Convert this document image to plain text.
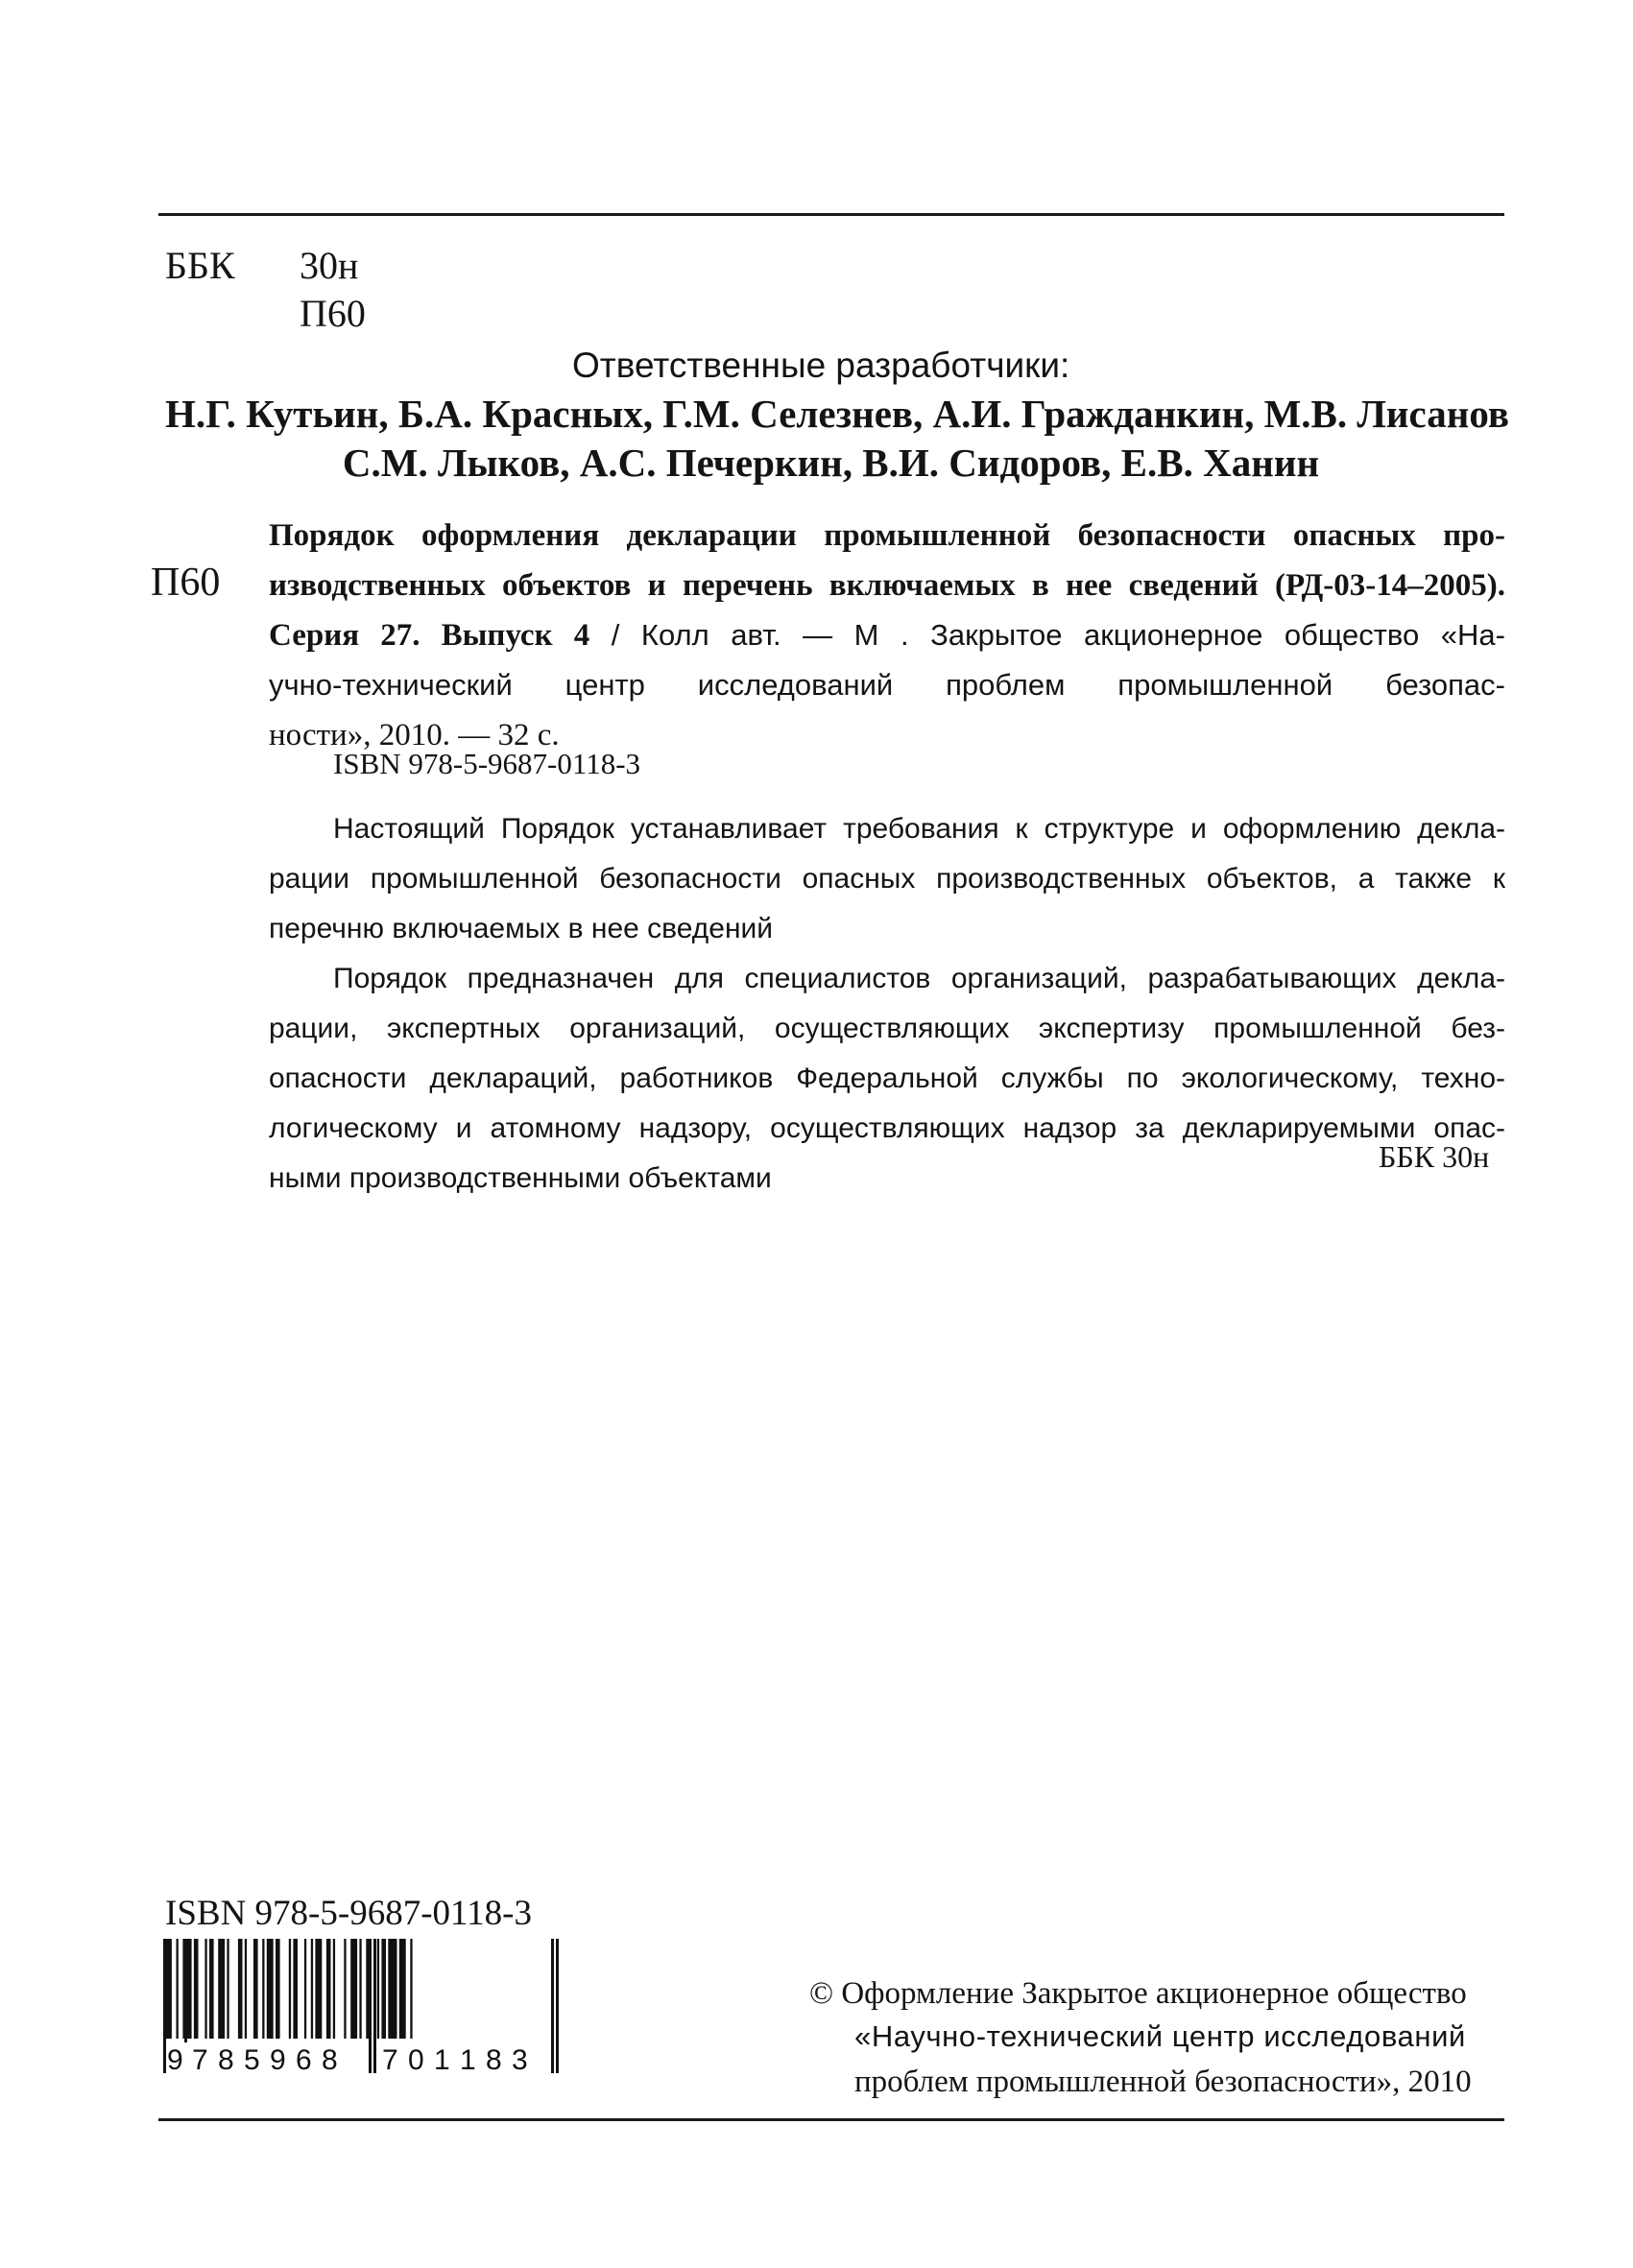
ББК 30н
П60
Ответственные разработчики:
Н.Г. Кутьин, Б.А. Красных, Г.М. Селезнев, А.И. Гражданкин, М.В. Лисанов
С.М. Лыков, А.С. Печеркин, В.И. Сидоров, Е.В. Ханин
П60
Порядок оформления декларации промышленной безопасности опасных про-
изводственных объектов и перечень включаемых в нее сведений (РД-03-14–2005).
Серия 27. Выпуск 4 / Колл авт. — М . Закрытое акционерное общество «На-
учно-технический центр исследований проблем промышленной безопас-
ности», 2010. — 32 с.
ISBN 978-5-9687-0118-3
Настоящий Порядок устанавливает требования к структуре и оформлению декла-
рации промышленной безопасности опасных производственных объектов, а также к
перечню включаемых в нее сведений
Порядок предназначен для специалистов организаций, разрабатывающих декла-
рации, экспертных организаций, осуществляющих экспертизу промышленной без-
опасности деклараций, работников Федеральной службы по экологическому, техно-
логическому и атомному надзору, осуществляющих надзор за декларируемыми опас-
ными производственными объектами
ББК 30н
ISBN 978-5-9687-0118-3
9 7 8 5 9 6 8 7 0 1 1 8 3
© Оформление Закрытое акционерное общество
«Научно-технический центр исследований
проблем промышленной безопасности», 2010
